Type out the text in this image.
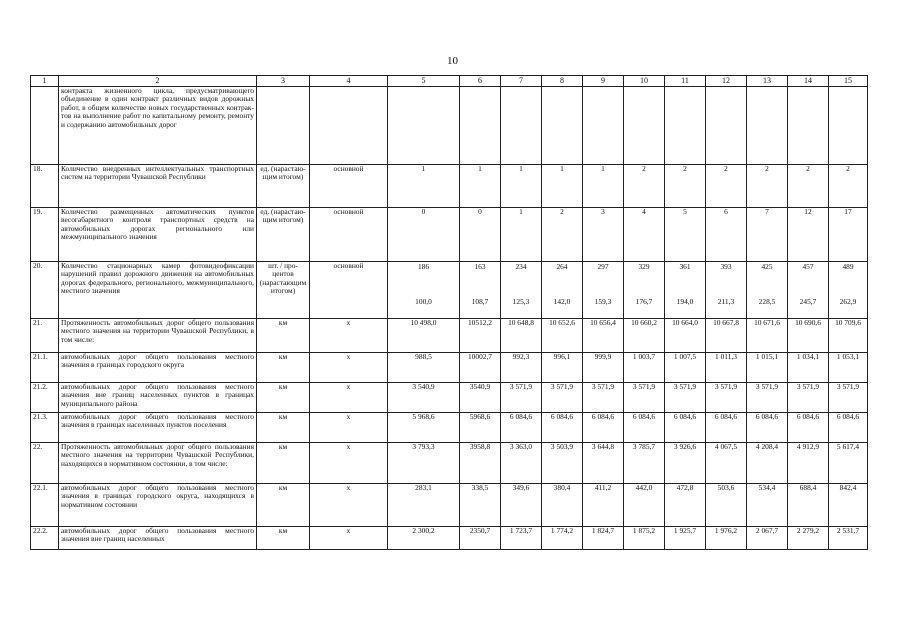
10
1	2	3	4	5	6	7	8	9	10	11	12	13	14	15
	контракта жизненного цикла, предусматривающего объединение в один контракт различных видов дорожных работ, в общем количестве новых государственных контрактов на выполнение работ по капитальному ремонту, ремонту и содержанию автомобильных дорог													
18.	Количество внедренных интеллектуальных транспортных систем на территории Чувашской Республики	ед. (нарастающим итогом)	основной	1	1	1	1	1	2	2	2	2	2	2
19.	Количество размещенных автоматических пунктов весогабаритного контроля транспортных средств на автомобильных дорогах регионального или межмуниципального значения	ед. (нарастающим итогом)	основной	0	0	1	2	3	4	5	6	7	12	17
20.	Количество стационарных камер фотовидеофиксации нарушений правил дорожного движения на автомобильных дорогах федерального, регионального, межмуниципального, местного значения	шт. / процентов (нарастающим итогом)	основной	186	163	234	264	297	329	361	393	425	457	489
				100,0	108,7	125,3	142,0	159,3	176,7	194,0	211,3	228,5	245,7	262,9
21.	Протяженность автомобильных дорог общего пользования местного значения на территории Чувашской Республики, в том числе:	км	x	10 498,0	10512,2	10 648,8	10 652,6	10 656,4	10 660,2	10 664,0	10 667,8	10 671,6	10 690,6	10 709,6
21.1.	автомобильных дорог общего пользования местного значения в границах городского округа	км	x	988,5	10002,7	992,3	996,1	999,9	1 003,7	1 007,5	1 011,3	1 015,1	1 034,1	1 053,1
21.2.	автомобильных дорог общего пользования местного значения вне границ населенных пунктов в границах муниципального района	км	x	3 540,9	3540,9	3 571,9	3 571,9	3 571,9	3 571,9	3 571,9	3 571,9	3 571,9	3 571,9	3 571,9
21.3.	автомобильных дорог общего пользования местного значения в границах населенных пунктов поселения	км	x	5 968,6	5968,6	6 084,6	6 084,6	6 084,6	6 084,6	6 084,6	6 084,6	6 084,6	6 084,6	6 084,6
22.	Протяженность автомобильных дорог общего пользования местного значения на территории Чувашской Республики, находящихся в нормативном состоянии, в том числе:	км	x	3 793,3	3958,8	3 363,0	3 503,9	3 644,8	3 785,7	3 926,6	4 067,5	4 208,4	4 912,9	5 617,4
22.1.	автомобильных дорог общего пользования местного значения в границах городского округа, находящихся в нормативном состоянии	км	x	283,1	338,5	349,6	380,4	411,2	442,0	472,8	503,6	534,4	688,4	842,4
22.2.	автомобильных дорог общего пользования местного значения вне границ населенных	км	x	2 300,2	2350,7	1 723,7	1 774,2	1 824,7	1 875,2	1 925,7	1 976,2	2 067,7	2 279,2	2 531,7
